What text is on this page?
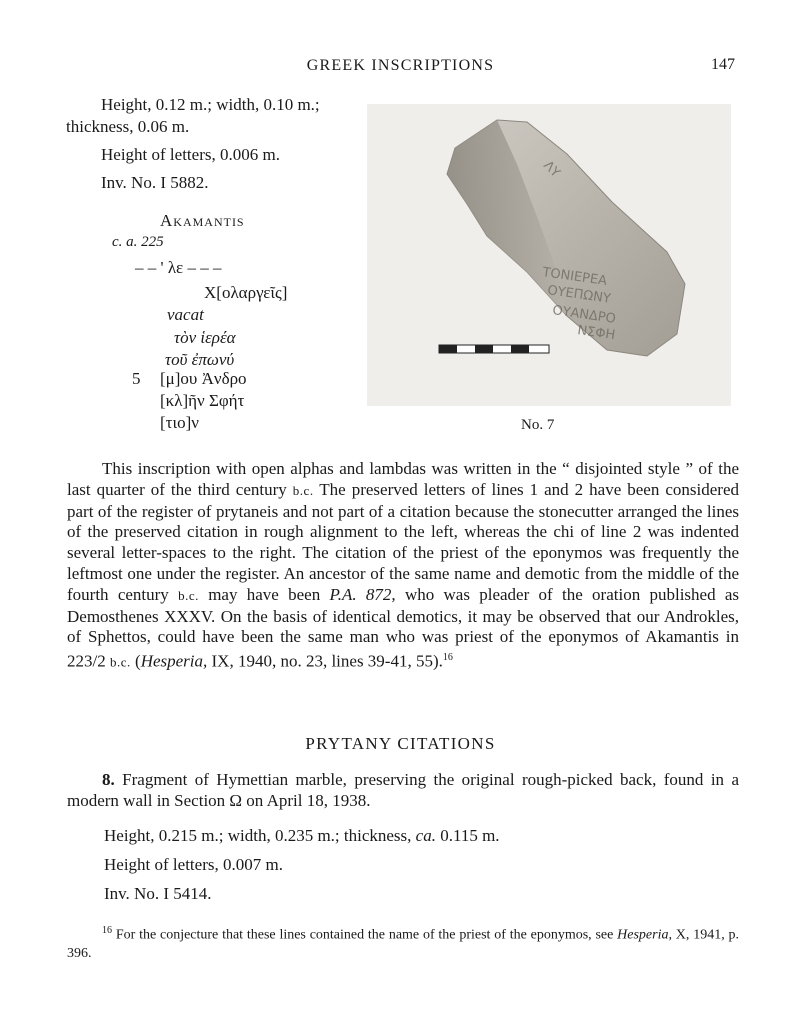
GREEK INSCRIPTIONS	147
Height, 0.12 m.; width, 0.10 m.;
thickness, 0.06 m.
Height of letters, 0.006 m.
Inv. No. I 5882.
Akamantis
c. a. 225
– – ' λε – – –
Χ[ολαργεῖς]
vacat
τὸν ἱερέα
τοῦ ἐπωνύ
5 [μ]ου Ἀνδρο
[κλ]ῆν Σφήτ
[τιο]ν
ΛΥ
ΤΟΝΙΕΡΕΑ
ΟΥΕΠΩΝΥ
ΟΥΑΝΔΡΟ
ΝΣΦΗ
No. 7

This inscription with open alphas and lambdas was written in the “ disjointed style ” of the last quarter of the third century b.c. The preserved letters of lines 1 and 2 have been considered part of the register of prytaneis and not part of a citation because the stonecutter arranged the lines of the preserved citation in rough alignment to the left, whereas the chi of line 2 was indented several letter-spaces to the right. The citation of the priest of the eponymos was frequently the leftmost one under the register. An ancestor of the same name and demotic from the middle of the fourth century b.c. may have been P.A. 872, who was pleader of the oration published as Demosthenes XXXV. On the basis of identical demotics, it may be observed that our Androkles, of Sphettos, could have been the same man who was priest of the eponymos of Akamantis in 223/2 b.c. (Hesperia, IX, 1940, no. 23, lines 39-41, 55).$^{16}$

PRYTANY CITATIONS

8. Fragment of Hymettian marble, preserving the original rough-picked back, found in a modern wall in Section Ω on April 18, 1938.

Height, 0.215 m.; width, 0.235 m.; thickness, ca. 0.115 m.
Height of letters, 0.007 m.
Inv. No. I 5414.

$^{16}$ For the conjecture that these lines contained the name of the priest of the eponymos, see Hesperia, X, 1941, p. 396.
